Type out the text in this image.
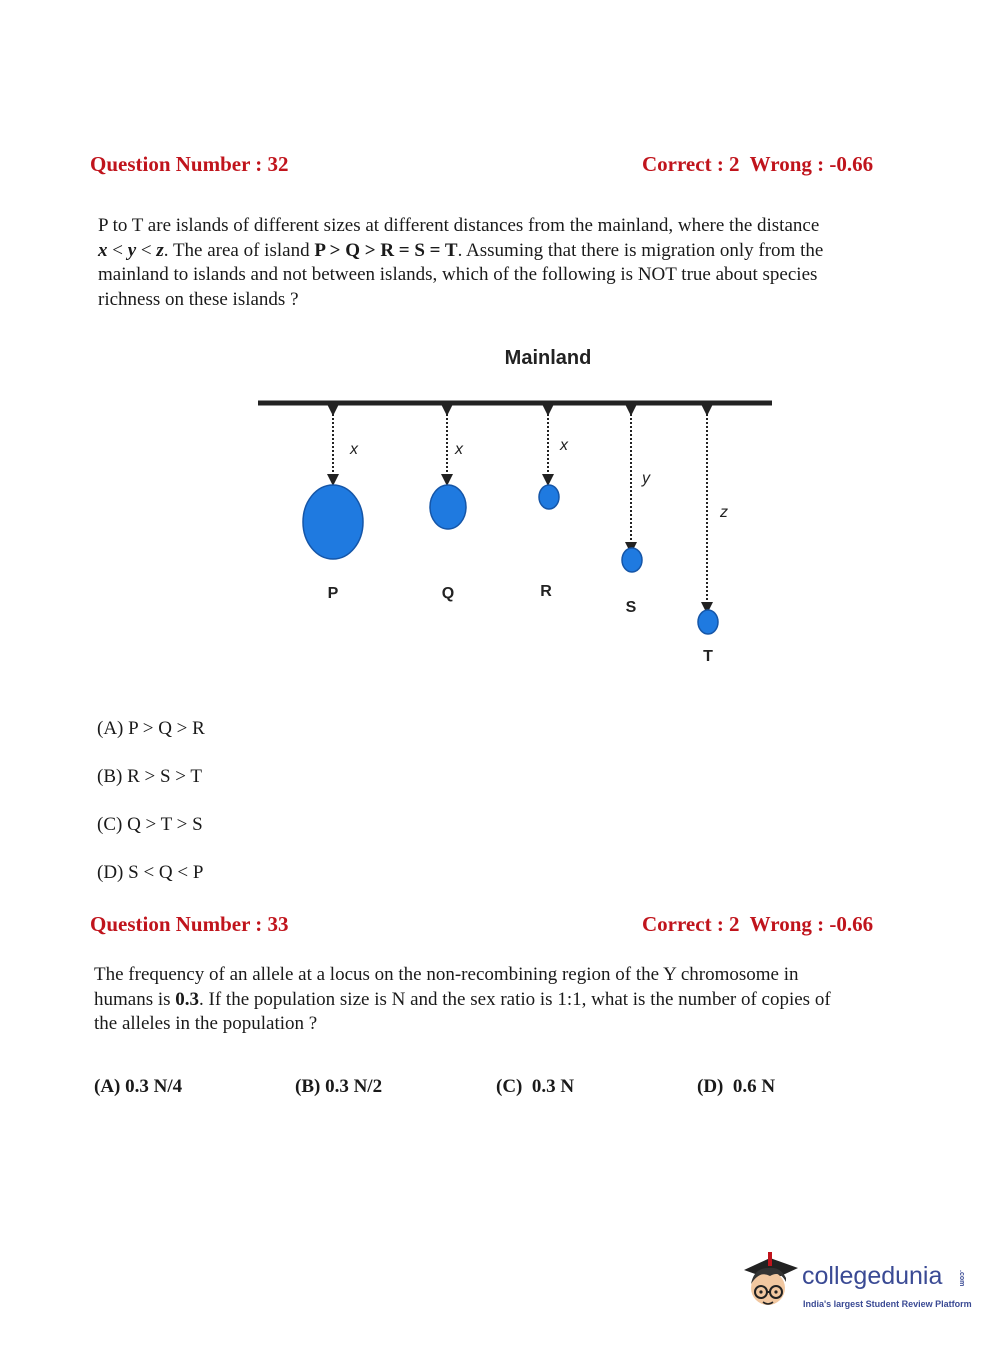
Question Number : 32	Correct : 2  Wrong : -0.66
P to T are islands of different sizes at different distances from the mainland, where the distance
x < y < z. The area of island P > Q > R = S = T. Assuming that there is migration only from the
mainland to islands and not between islands, which of the following is NOT true about species
richness on these islands ?
Mainland
x
P
x
Q
x
R
y
S
z
T
(A) P > Q > R
(B) R > S > T
(C) Q > T > S
(D) S < Q < P
Question Number : 33	Correct : 2  Wrong : -0.66
The frequency of an allele at a locus on the non-recombining region of the Y chromosome in
humans is 0.3. If the population size is N and the sex ratio is 1:1, what is the number of copies of
the alleles in the population ?
(A) 0.3 N/4	(B) 0.3 N/2	(C)  0.3 N	(D)  0.6 N
collegedunia .com
India's largest Student Review Platform
